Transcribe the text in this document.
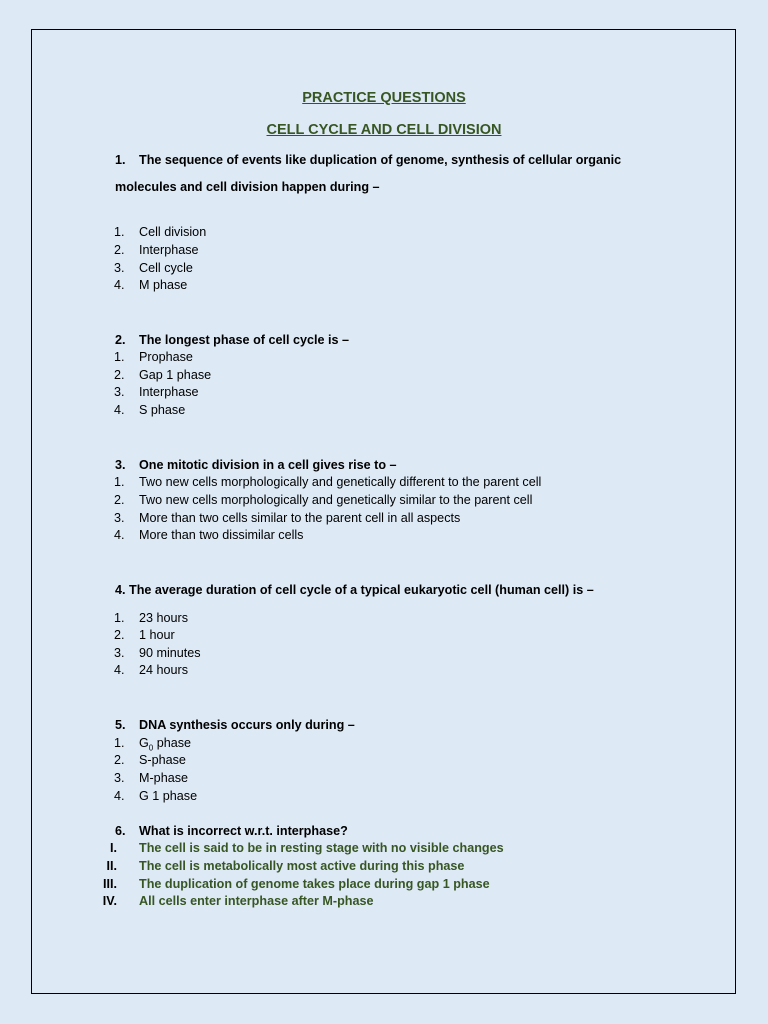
PRACTICE QUESTIONS
CELL CYCLE AND CELL DIVISION
1. The sequence of events like duplication of genome, synthesis of cellular organic
molecules and cell division happen during –
1. Cell division
2. Interphase
3. Cell cycle
4. M phase
2. The longest phase of cell cycle is –
1. Prophase
2. Gap 1 phase
3. Interphase
4. S phase
3. One mitotic division in a cell gives rise to –
1. Two new cells morphologically and genetically different to the parent cell
2. Two new cells morphologically and genetically similar to the parent cell
3. More than two cells similar to the parent cell in all aspects
4. More than two dissimilar cells
4. The average duration of cell cycle of a typical eukaryotic cell (human cell) is –
1. 23 hours
2. 1 hour
3. 90 minutes
4. 24 hours
5. DNA synthesis occurs only during –
1. $G_0$ phase
2. S-phase
3. M-phase
4. G 1 phase
6. What is incorrect w.r.t. interphase?
I. The cell is said to be in resting stage with no visible changes
II. The cell is metabolically most active during this phase
III. The duplication of genome takes place during gap 1 phase
IV. All cells enter interphase after M-phase
